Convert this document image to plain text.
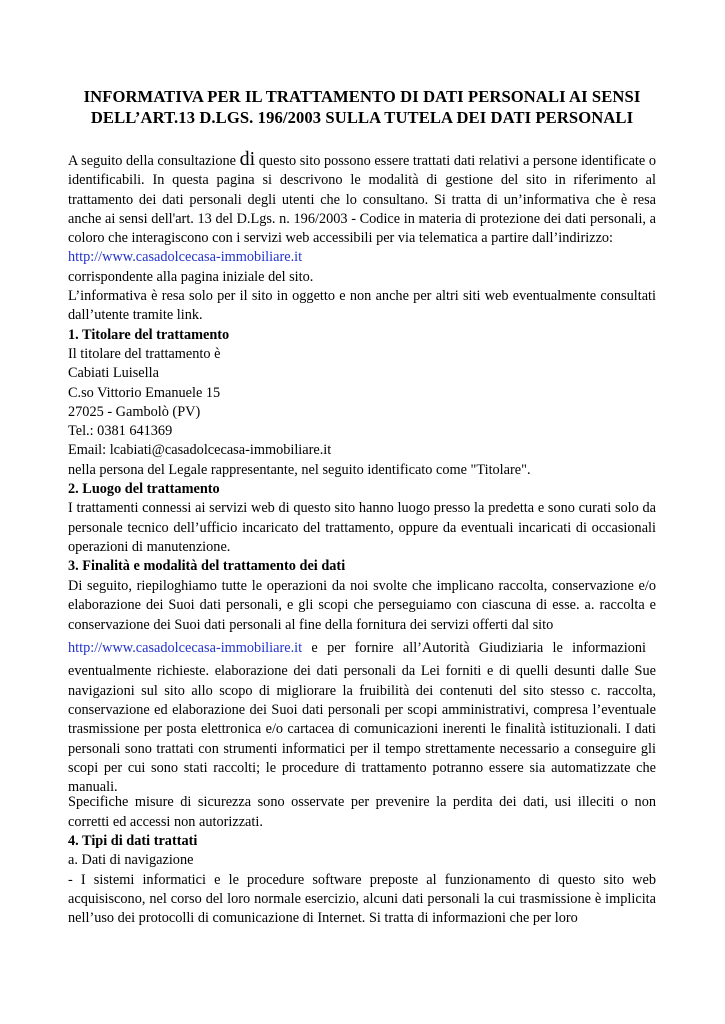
INFORMATIVA PER IL TRATTAMENTO DI DATI PERSONALI AI SENSI
DELL’ART.13 D.LGS. 196/2003 SULLA TUTELA DEI DATI PERSONALI

A seguito della consultazione di questo sito possono essere trattati dati relativi a persone identificate o identificabili. In questa pagina si descrivono le modalità di gestione del sito in riferimento al trattamento dei dati personali degli utenti che lo consultano. Si tratta di un’informativa che è resa anche ai sensi dell'art. 13 del D.Lgs. n. 196/2003 - Codice in materia di protezione dei dati personali, a coloro che interagiscono con i servizi web accessibili per via telematica a partire dall’indirizzo:

http://www.casadolcecasa-immobiliare.it

corrispondente alla pagina iniziale del sito.

L’informativa è resa solo per il sito in oggetto e non anche per altri siti web eventualmente consultati dall’utente tramite link.

1. Titolare del trattamento

Il titolare del trattamento è

Cabiati Luisella

C.so Vittorio Emanuele 15

27025 - Gambolò (PV)

Tel.: 0381 641369

Email: lcabiati@casadolcecasa-immobiliare.it

nella persona del Legale rappresentante, nel seguito identificato come "Titolare".

2. Luogo del trattamento

I trattamenti connessi ai servizi web di questo sito hanno luogo presso la predetta e sono curati solo da personale tecnico dell’ufficio incaricato del trattamento, oppure da eventuali incaricati di occasionali operazioni di manutenzione.

3. Finalità e modalità del trattamento dei dati

Di seguito, riepiloghiamo tutte le operazioni da noi svolte che implicano raccolta, conservazione e/o elaborazione dei Suoi dati personali, e gli scopi che perseguiamo con ciascuna di esse. a. raccolta e conservazione dei Suoi dati personali al fine della fornitura dei servizi offerti dal sito

http://www.casadolcecasa-immobiliare.it e per fornire all’Autorità Giudiziaria le informazioni

eventualmente richieste. elaborazione dei dati personali da Lei forniti e di quelli desunti dalle Sue navigazioni sul sito allo scopo di migliorare la fruibilità dei contenuti del sito stesso c. raccolta, conservazione ed elaborazione dei Suoi dati personali per scopi amministrativi, compresa l’eventuale trasmissione per posta elettronica e/o cartacea di comunicazioni inerenti le finalità istituzionali. I dati personali sono trattati con strumenti informatici per il tempo strettamente necessario a conseguire gli scopi per cui sono stati raccolti; le procedure di trattamento potranno essere sia automatizzate che manuali.

Specifiche misure di sicurezza sono osservate per prevenire la perdita dei dati, usi illeciti o non corretti ed accessi non autorizzati.

4. Tipi di dati trattati

a. Dati di navigazione

- I sistemi informatici e le procedure software preposte al funzionamento di questo sito web acquisiscono, nel corso del loro normale esercizio, alcuni dati personali la cui trasmissione è implicita nell’uso dei protocolli di comunicazione di Internet. Si tratta di informazioni che per loro
